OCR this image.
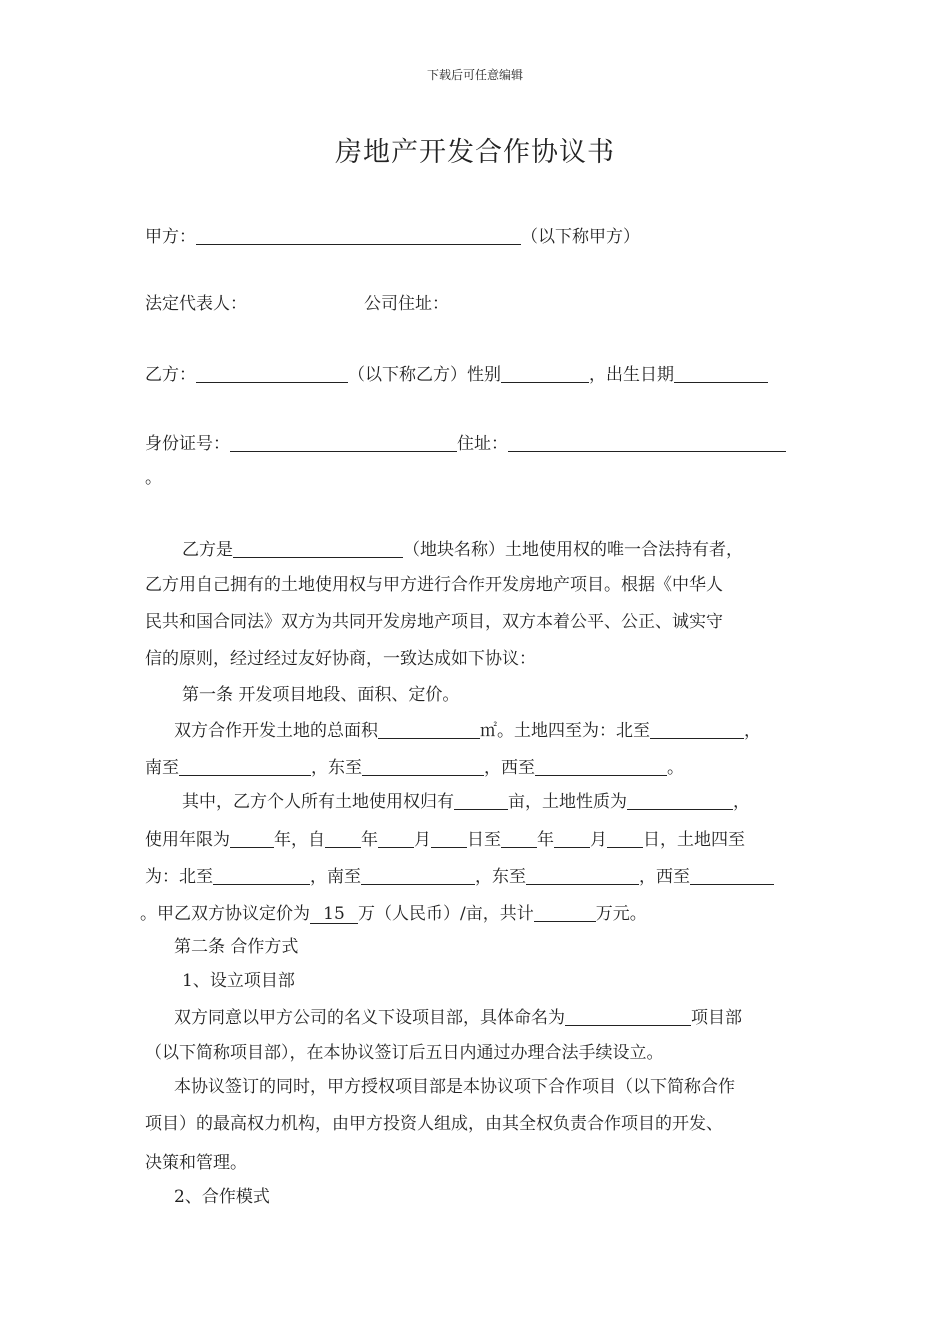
下载后可任意编辑
房地产开发合作协议书
甲方：	（以下称甲方）
法定代表人：	公司住址：
乙方：	（以下称乙方）性别	，出生日期
身份证号：	住址：
。
乙方是	（地块名称）土地使用权的唯一合法持有者，
乙方用自己拥有的土地使用权与甲方进行合作开发房地产项目。根据《中华人
民共和国合同法》双方为共同开发房地产项目，双方本着公平、公正、诚实守
信的原则，经过经过友好协商，一致达成如下协议：
第一条 开发项目地段、面积、定价。
双方合作开发土地的总面积	㎡。土地四至为：北至	，
南至	，东至	，西至	。
其中，乙方个人所有土地使用权归有	亩，土地性质为	，
使用年限为	年，自 年 月 日至 年 月 日，土地四至
为：北至	，南至	，东至	，西至
。甲乙双方协议定价为 15 万（人民币）/亩，共计	万元。
第二条 合作方式
1、设立项目部
双方同意以甲方公司的名义下设项目部，具体命名为	项目部
（以下简称项目部），在本协议签订后五日内通过办理合法手续设立。
本协议签订的同时，甲方授权项目部是本协议项下合作项目（以下简称合作
项目）的最高权力机构，由甲方投资人组成，由其全权负责合作项目的开发、
决策和管理。
2、合作模式
